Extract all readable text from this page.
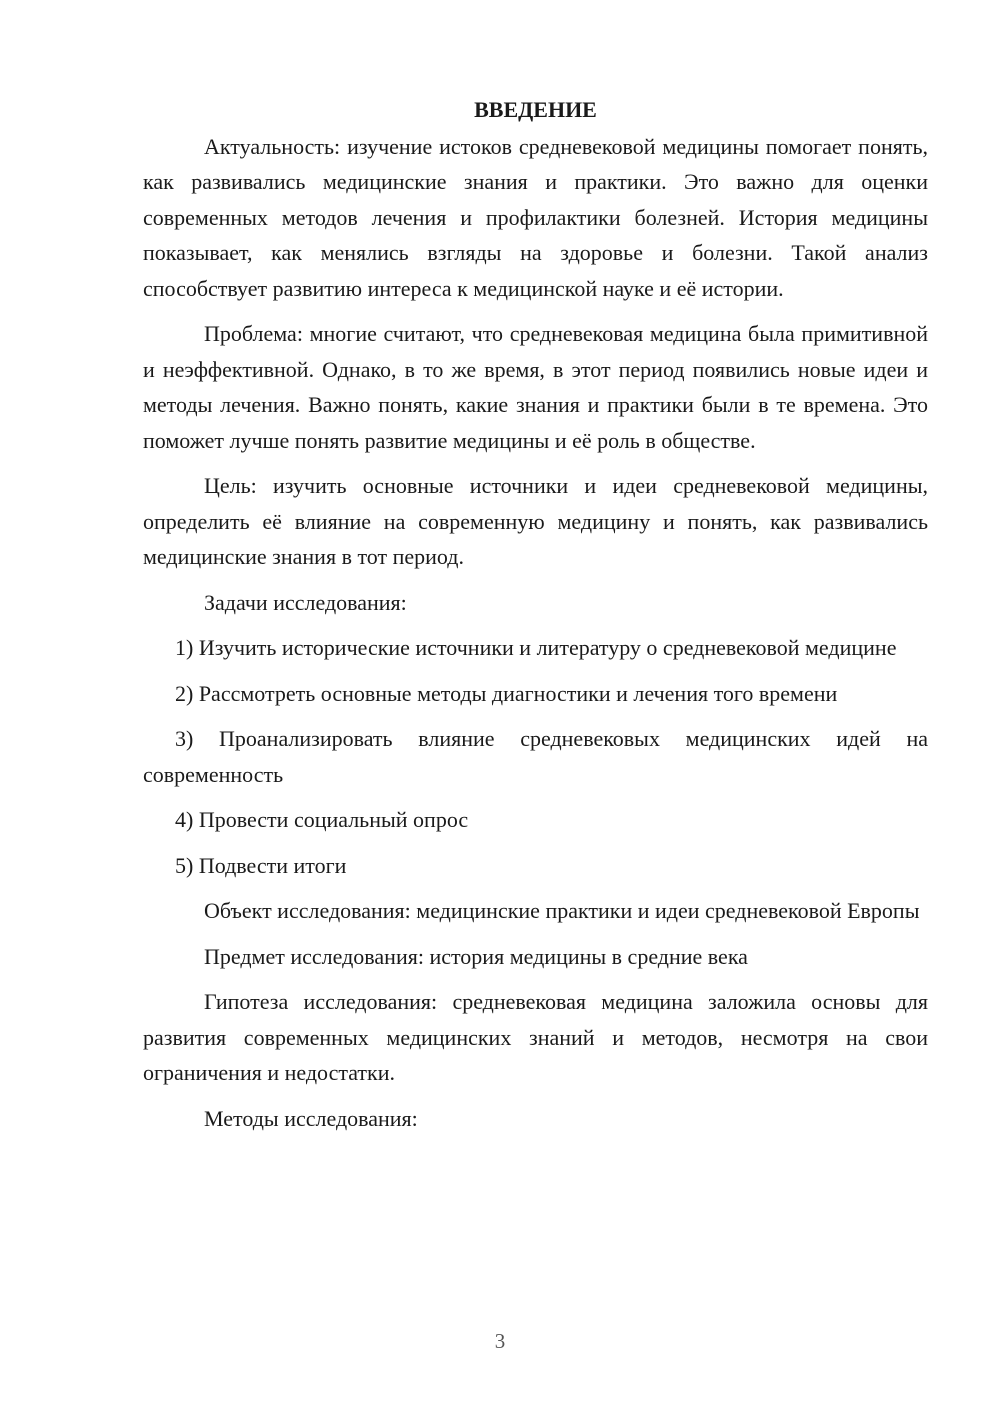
ВВЕДЕНИЕ

Актуальность: изучение истоков средневековой медицины помогает понять, как развивались медицинские знания и практики. Это важно для оценки современных методов лечения и профилактики болезней. История медицины показывает, как менялись взгляды на здоровье и болезни. Такой анализ способствует развитию интереса к медицинской науке и её истории.

Проблема: многие считают, что средневековая медицина была примитивной и неэффективной. Однако, в то же время, в этот период появились новые идеи и методы лечения. Важно понять, какие знания и практики были в те времена. Это поможет лучше понять развитие медицины и её роль в обществе.

Цель: изучить основные источники и идеи средневековой медицины, определить её влияние на современную медицину и понять, как развивались медицинские знания в тот период.

Задачи исследования:

1) Изучить исторические источники и литературу о средневековой медицине

2) Рассмотреть основные методы диагностики и лечения того времени

3) Проанализировать влияние средневековых медицинских идей на современность

4) Провести социальный опрос

5) Подвести итоги

Объект исследования: медицинские практики и идеи средневековой Европы

Предмет исследования: история медицины в средние века

Гипотеза исследования: средневековая медицина заложила основы для развития современных медицинских знаний и методов, несмотря на свои ограничения и недостатки.

Методы исследования:

3
